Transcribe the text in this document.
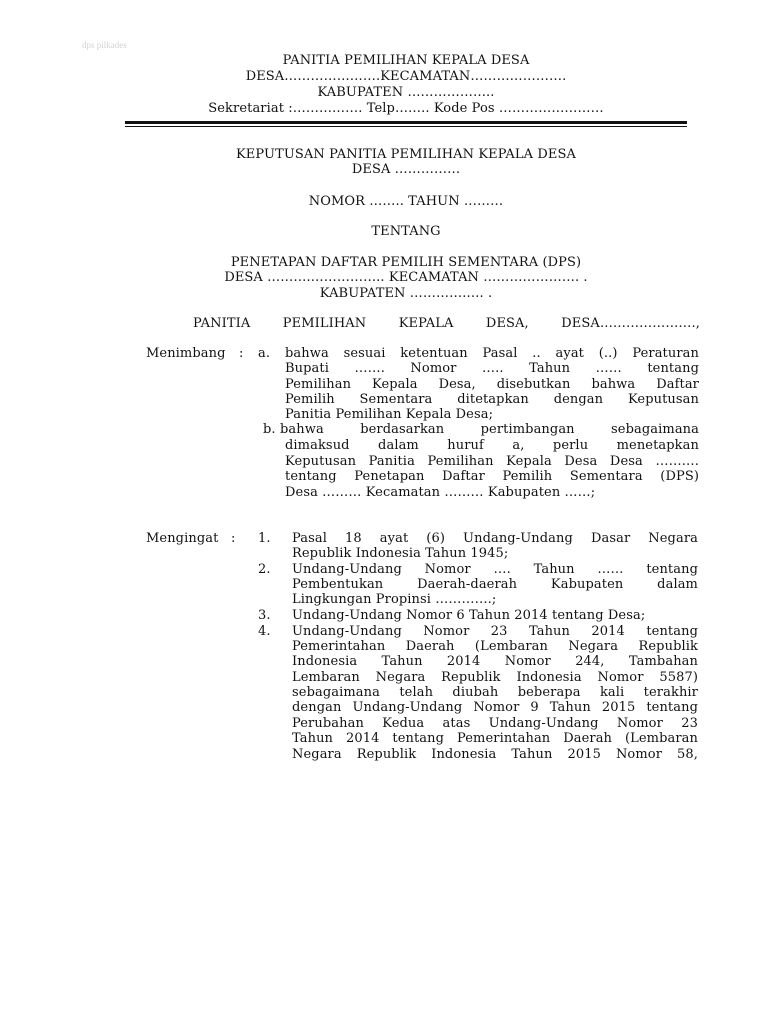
dps pilkades
PANITIA PEMILIHAN KEPALA DESA
DESA………………….KECAMATAN………………….
KABUPATEN ………………..
Sekretariat :……………. Telp…….. Kode Pos ……………………
KEPUTUSAN PANITIA PEMILIHAN KEPALA DESA
DESA ……………
NOMOR …….. TAHUN ………
TENTANG
PENETAPAN DAFTAR PEMILIH SEMENTARA (DPS)
DESA ……….…………….. KECAMATAN …………………. .
KABUPATEN …………….. .
PANITIA PEMILIHAN KEPALA DESA, DESA………………….,
Menimbang : a. bahwa sesuai ketentuan Pasal .. ayat (..) Peraturan
Bupati ……. Nomor ….. Tahun …… tentang
Pemilihan Kepala Desa, disebutkan bahwa Daftar
Pemilih Sementara ditetapkan dengan Keputusan
Panitia Pemilihan Kepala Desa;
b. bahwa berdasarkan pertimbangan sebagaimana
dimaksud dalam huruf a, perlu menetapkan
Keputusan Panitia Pemilihan Kepala Desa Desa ……….
tentang Penetapan Daftar Pemilih Sementara (DPS)
Desa ……… Kecamatan ……… Kabupaten ……;
Mengingat : 1. Pasal 18 ayat (6) Undang-Undang Dasar Negara
Republik Indonesia Tahun 1945;
2. Undang-Undang Nomor …. Tahun …… tentang
Pembentukan Daerah-daerah Kabupaten dalam
Lingkungan Propinsi ………….;
3. Undang-Undang Nomor 6 Tahun 2014 tentang Desa;
4. Undang-Undang Nomor 23 Tahun 2014 tentang
Pemerintahan Daerah (Lembaran Negara Republik
Indonesia Tahun 2014 Nomor 244, Tambahan
Lembaran Negara Republik Indonesia Nomor 5587)
sebagaimana telah diubah beberapa kali terakhir
dengan Undang-Undang Nomor 9 Tahun 2015 tentang
Perubahan Kedua atas Undang-Undang Nomor 23
Tahun 2014 tentang Pemerintahan Daerah (Lembaran
Negara Republik Indonesia Tahun 2015 Nomor 58,
